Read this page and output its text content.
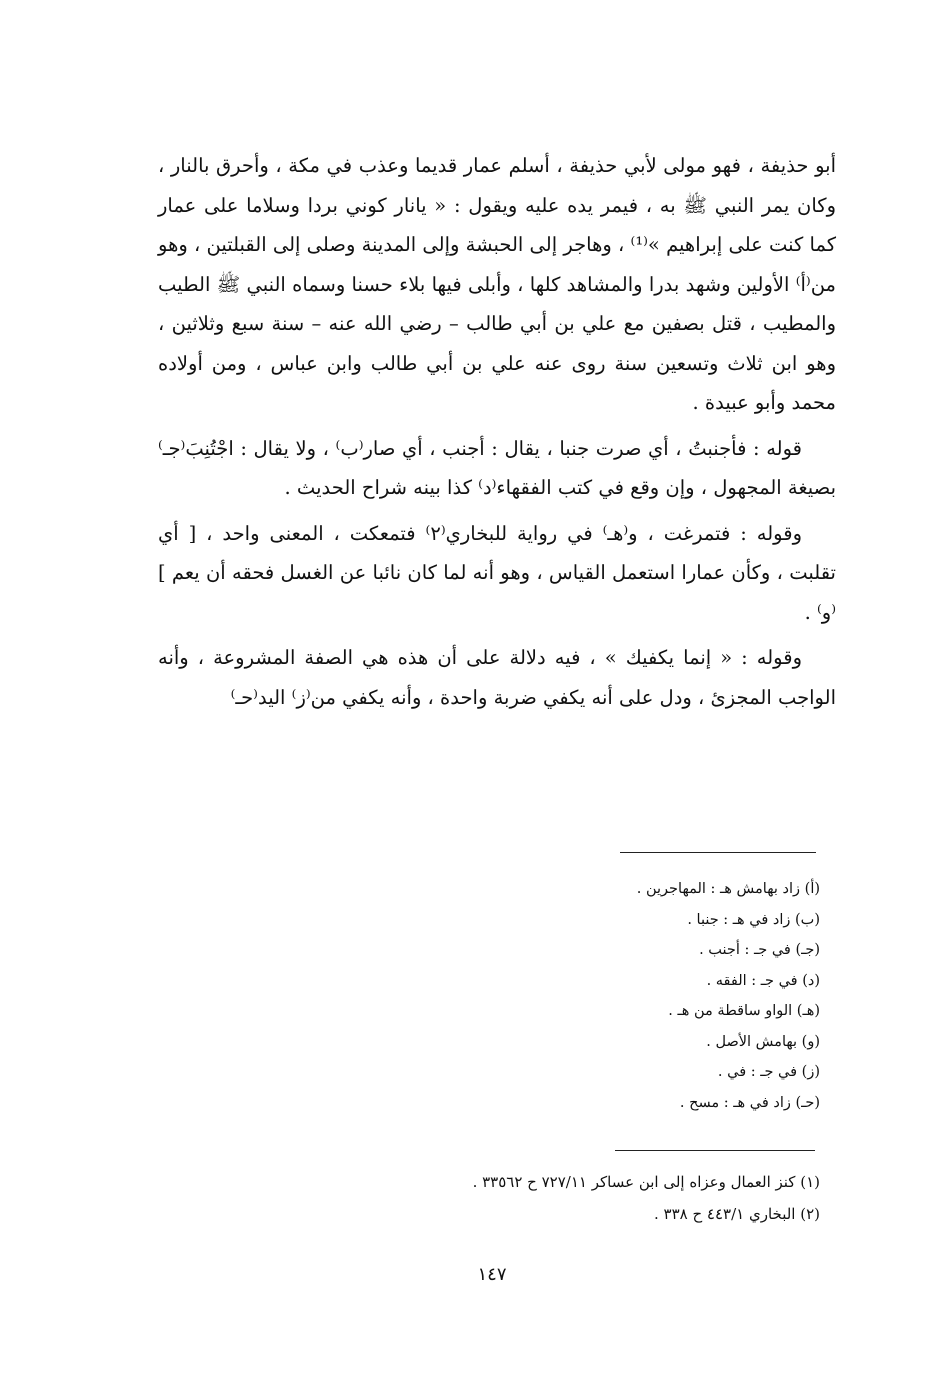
أبو حذيفة ، فهو مولى لأبي حذيفة ، أسلم عمار قديما وعذب في مكة ، وأحرق بالنار ، وكان يمر النبي ﷺ به ، فيمر يده عليه ويقول : « يانار كوني بردا وسلاما على عمار كما كنت على إبراهيم »⁽¹⁾ ، وهاجر إلى الحبشة وإلى المدينة وصلى إلى القبلتين ، وهو من⁽أ⁾ الأولين وشهد بدرا والمشاهد كلها ، وأبلى فيها بلاء حسنا وسماه النبي ﷺ الطيب والمطيب ، قتل بصفين مع علي بن أبي طالب – رضي الله عنه – سنة سبع وثلاثين ، وهو ابن ثلاث وتسعين سنة روى عنه علي بن أبي طالب وابن عباس ، ومن أولاده محمد وأبو عبيدة .

قوله : فأجنبتُ ، أي صرت جنبا ، يقال : أجنب ، أي صار⁽ب⁾ ، ولا يقال : اجْتُنِبَ⁽جـ⁾ بصيغة المجهول ، وإن وقع في كتب الفقهاء⁽د⁾ كذا بينه شراح الحديث .

وقوله : فتمرغت ، و⁽هـ⁾ في رواية للبخاري⁽٢⁾ فتمعكت ، المعنى واحد ، [ أي تقلبت ، وكأن عمارا استعمل القياس ، وهو أنه لما كان نائبا عن الغسل فحقه أن يعم ]⁽و⁾ .

وقوله : « إنما يكفيك » ، فيه دلالة على أن هذه هي الصفة المشروعة ، وأنه الواجب المجزئ ، ودل على أنه يكفي ضربة واحدة ، وأنه يكفي من⁽ز⁾ اليد⁽حـ⁾

(أ) زاد بهامش هـ : المهاجرين .
(ب) زاد في هـ : جنبا .
(جـ) في جـ : أجنب .
(د) في جـ : الفقه .
(هـ) الواو ساقطة من هـ .
(و) بهامش الأصل .
(ز) في جـ : في .
(حـ) زاد في هـ : مسح .
(١) كنز العمال وعزاه إلى ابن عساكر ٧٢٧/١١ ح ٣٣٥٦٢ .
(٢) البخاري ٤٤٣/١ ح ٣٣٨ .
١٤٧
